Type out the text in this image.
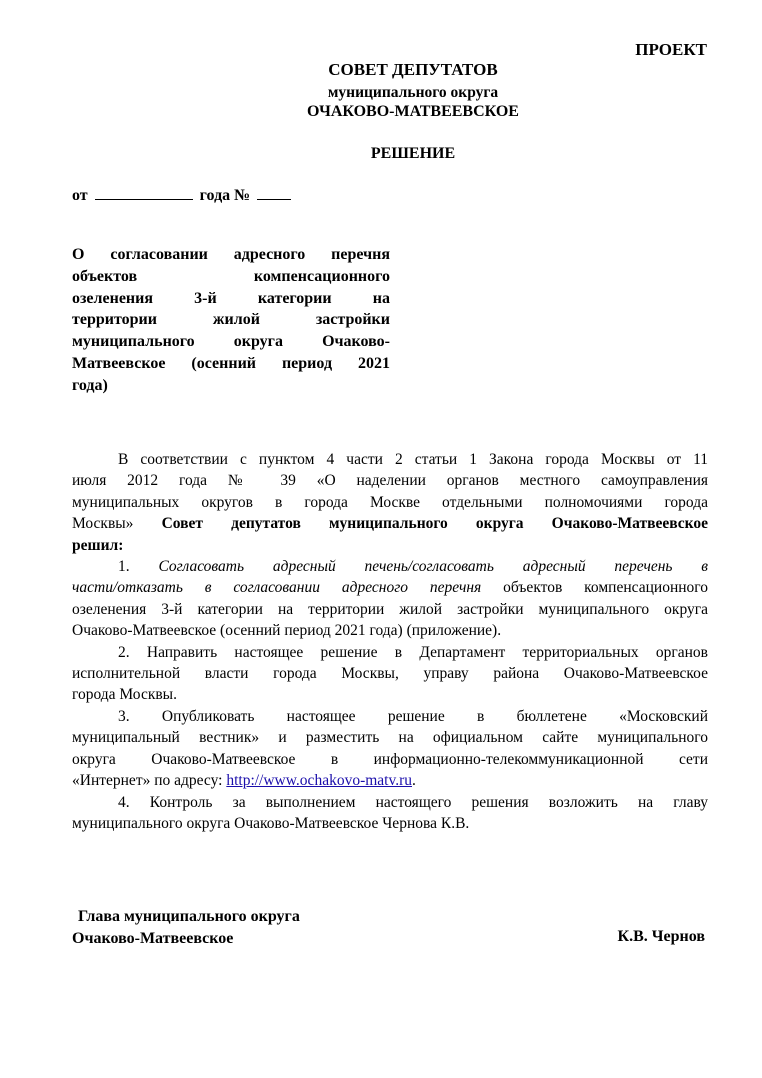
ПРОЕКТ
СОВЕТ ДЕПУТАТОВ
муниципального округа
ОЧАКОВО-МАТВЕЕВСКОЕ
РЕШЕНИЕ
от	года №
О согласовании адресного перечня
объектов компенсационного
озеленения 3-й категории на
территории жилой застройки
муниципального округа Очаково-
Матвеевское (осенний период 2021
года)
В соответствии с пунктом 4 части 2 статьи 1 Закона города Москвы от 11
июля 2012 года № 39 «О наделении органов местного самоуправления
муниципальных округов в города Москве отдельными полномочиями города
Москвы» Совет депутатов муниципального округа Очаково-Матвеевское
решил:
1. Согласовать адресный печень/согласовать адресный перечень в
части/отказать в согласовании адресного перечня объектов компенсационного
озеленения 3-й категории на территории жилой застройки муниципального округа
Очаково-Матвеевское (осенний период 2021 года) (приложение).
2. Направить настоящее решение в Департамент территориальных органов
исполнительной власти города Москвы, управу района Очаково-Матвеевское
города Москвы.
3. Опубликовать настоящее решение в бюллетене «Московский
муниципальный вестник» и разместить на официальном сайте муниципального
округа Очаково-Матвеевское в информационно-телекоммуникационной сети
«Интернет» по адресу: http://www.ochakovo-matv.ru.
4. Контроль за выполнением настоящего решения возложить на главу
муниципального округа Очаково-Матвеевское Чернова К.В.
Глава муниципального округа
Очаково-Матвеевское	К.В. Чернов
